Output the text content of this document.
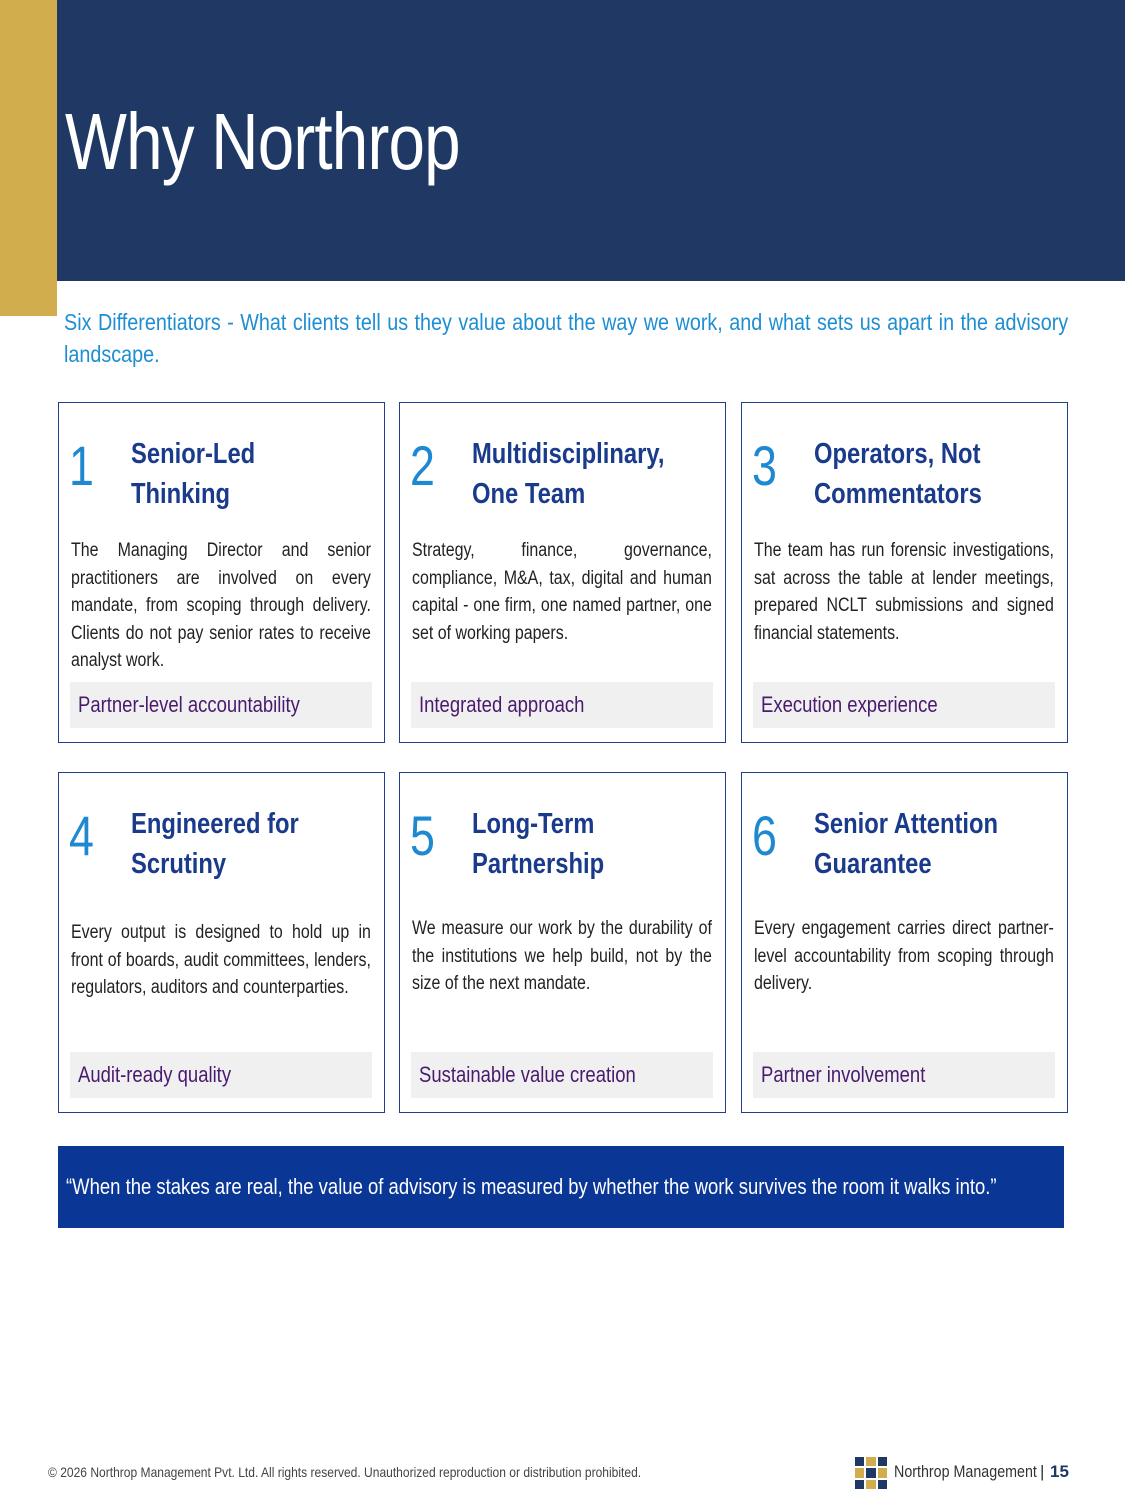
Why Northrop

Six Differentiators - What clients tell us they value about the way we work, and what sets us apart in the advisory landscape.

1	Senior-Led Thinking
The Managing Director and senior practitioners are involved on every mandate, from scoping through delivery. Clients do not pay senior rates to receive analyst work.
Partner-level accountability
2	Multidisciplinary, One Team
Strategy, finance, governance, compliance, M&A, tax, digital and human capital - one firm, one named partner, one set of working papers.
Integrated approach
3	Operators, Not Commentators
The team has run forensic investigations, sat across the table at lender meetings, prepared NCLT submissions and signed financial statements.
Execution experience
4	Engineered for Scrutiny
Every output is designed to hold up in front of boards, audit committees, lenders, regulators, auditors and counterparties.
Audit-ready quality
5	Long-Term Partnership
We measure our work by the durability of the institutions we help build, not by the size of the next mandate.
Sustainable value creation
6	Senior Attention Guarantee
Every engagement carries direct partner-level accountability from scoping through delivery.
Partner involvement
“When the stakes are real, the value of advisory is measured by whether the work survives the room it walks into.”
© 2026 Northrop Management Pvt. Ltd. All rights reserved. Unauthorized reproduction or distribution prohibited.	Northrop Management | 15
